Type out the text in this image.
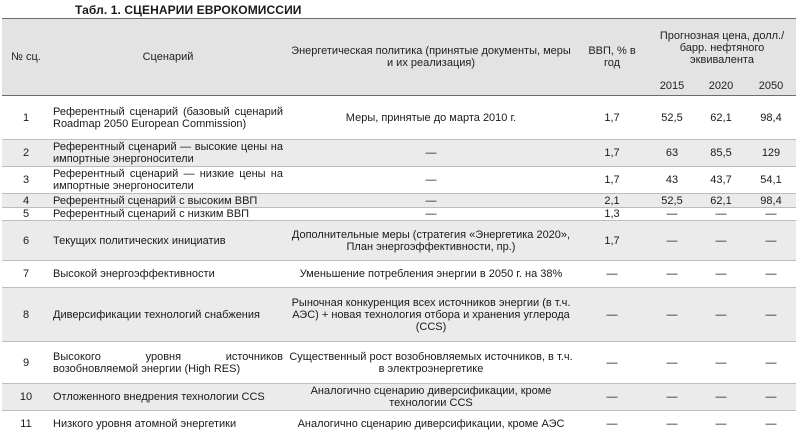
Табл. 1. СЦЕНАРИИ ЕВРОКОМИССИИ
№ сц.	Сценарий	Энергетическая политика (принятые документы, меры и их реализация)	ВВП, % в год	Прогнозная цена, долл./барр. нефтяного эквивалента		
				2015	2020	2050
1	Референтный сценарий (базовый сценарий Roadmap 2050 European Commission)	Меры, принятые до марта 2010 г.	1,7	52,5	62,1	98,4
2	Референтный сценарий — высокие цены на импортные энергоносители	—	1,7	63	85,5	129
3	Референтный сценарий — низкие цены на импортные энергоносители	—	1,7	43	43,7	54,1
4	Референтный сценарий с высоким ВВП	—	2,1	52,5	62,1	98,4
5	Референтный сценарий с низким ВВП	—	1,3	—	—	—
6	Текущих политических инициатив	Дополнительные меры (стратегия «Энергетика 2020», План энергоэффективности, пр.)	1,7	—	—	—
7	Высокой энергоэффективности	Уменьшение потребления энергии в 2050 г. на 38%	—	—	—	—
8	Диверсификации технологий снабжения	Рыночная конкуренция всех источников энергии (в т.ч. АЭС) + новая технология отбора и хранения углерода (CCS)	—	—	—	—
9	Высокого уровня источников возобновляемой энергии (High RES)	Существенный рост возобновляемых источников, в т.ч. в электроэнергетике	—	—	—	—
10	Отложенного внедрения технологии CCS	Аналогично сценарию диверсификации, кроме технологии CCS	—	—	—	—
11	Низкого уровня атомной энергетики	Аналогично сценарию диверсификации, кроме АЭС	—	—	—	—
